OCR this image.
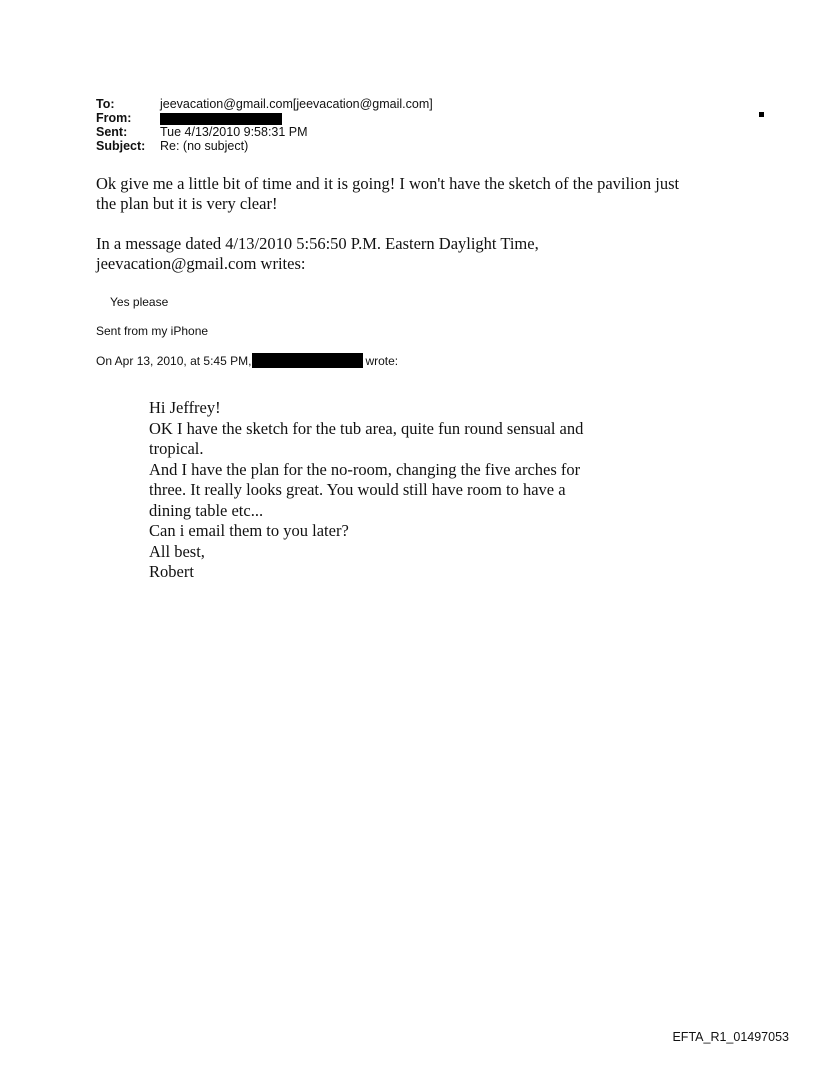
To:	jeevacation@gmail.com[jeevacation@gmail.com]
From:
Sent:	Tue 4/13/2010 9:58:31 PM
Subject:	Re: (no subject)

Ok give me a little bit of time and it is going! I won't have the sketch of the pavilion just

the plan but it is very clear!

In a message dated 4/13/2010 5:56:50 P.M. Eastern Daylight Time,

jeevacation@gmail.com writes:

Yes please
Sent from my iPhone
On Apr 13, 2010, at 5:45 PM,	wrote:

Hi Jeffrey!

OK I have the sketch for the tub area, quite fun round sensual and

tropical.

And I have the plan for the no-room, changing the five arches for

three. It really looks great. You would still have room to have a

dining table etc...

Can i email them to you later?

All best,

Robert

EFTA_R1_01497053
